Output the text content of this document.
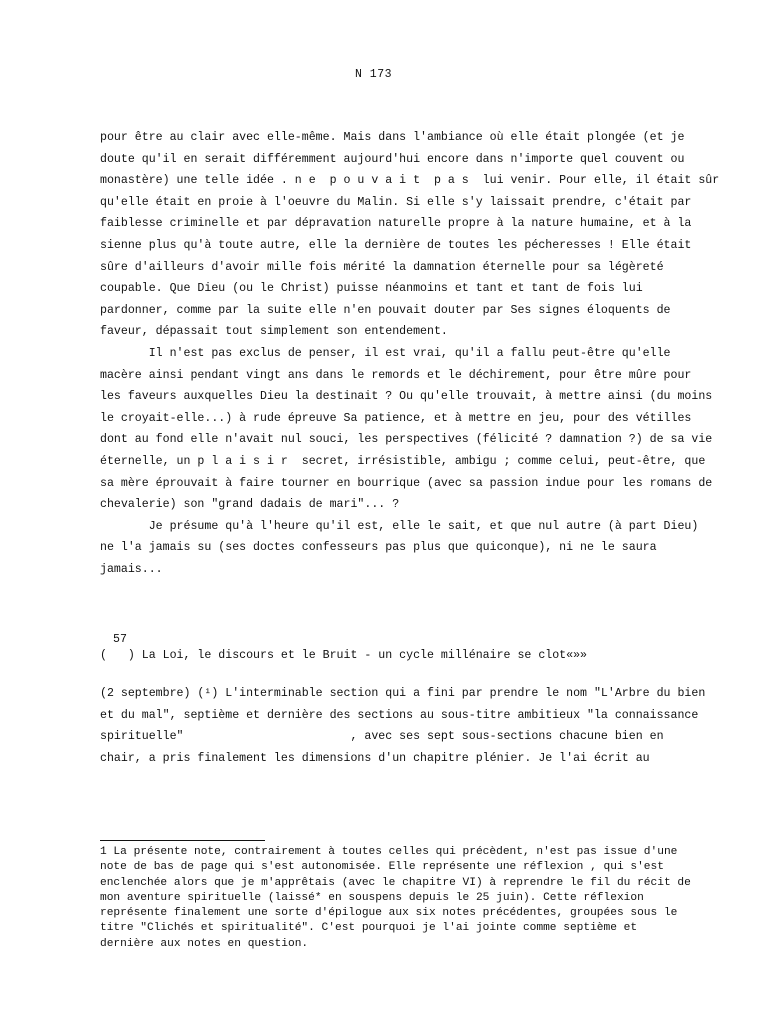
N 173
pour être au clair avec elle-même. Mais dans l'ambiance où elle était plongée (et je
doute qu'il en serait différemment aujourd'hui encore dans n'importe quel couvent ou
monastère) une telle idée . n e  p o u v a i t  p a s  lui venir. Pour elle, il était sûr
qu'elle était en proie à l'oeuvre du Malin. Si elle s'y laissait prendre, c'était par
faiblesse criminelle et par dépravation naturelle propre à la nature humaine, et à la
sienne plus qu'à toute autre, elle la dernière de toutes les pécheresses ! Elle était
sûre d'ailleurs d'avoir mille fois mérité la damnation éternelle pour sa légèreté
coupable. Que Dieu (ou le Christ) puisse néanmoins et tant et tant de fois lui
pardonner, comme par la suite elle n'en pouvait douter par Ses signes éloquents de
faveur, dépassait tout simplement son entendement.
Il n'est pas exclus de penser, il est vrai, qu'il a fallu peut-être qu'elle
macère ainsi pendant vingt ans dans le remords et le déchirement, pour être mûre pour
les faveurs auxquelles Dieu la destinait ? Ou qu'elle trouvait, à mettre ainsi (du moins
le croyait-elle...) à rude épreuve Sa patience, et à mettre en jeu, pour des vétilles
dont au fond elle n'avait nul souci, les perspectives (félicité ? damnation ?) de sa vie
éternelle, un p l a i s i r  secret, irrésistible, ambigu ; comme celui, peut-être, que
sa mère éprouvait à faire tourner en bourrique (avec sa passion indue pour les romans de
chevalerie) son "grand dadais de mari"... ?
Je présume qu'à l'heure qu'il est, elle le sait, et que nul autre (à part Dieu)
ne l'a jamais su (ses doctes confesseurs pas plus que quiconque), ni ne le saura
jamais...
57
(   ) La Loi, le discours et le Bruit - un cycle millénaire se clot«»»
(2 septembre) (¹) L'interminable section qui a fini par prendre le nom "L'Arbre du bien
et du mal", septième et dernière des sections au sous-titre ambitieux "la connaissance
spirituelle"                        , avec ses sept sous-sections chacune bien en
chair, a pris finalement les dimensions d'un chapitre plénier. Je l'ai écrit au
1 La présente note, contrairement à toutes celles qui précèdent, n'est pas issue d'une
note de bas de page qui s'est autonomisée. Elle représente une réflexion , qui s'est
enclenchée alors que je m'apprêtais (avec le chapitre VI) à reprendre le fil du récit de
mon aventure spirituelle (laissé* en souspens depuis le 25 juin). Cette réflexion
représente finalement une sorte d'épilogue aux six notes précédentes, groupées sous le
titre "Clichés et spiritualité". C'est pourquoi je l'ai jointe comme septième et
dernière aux notes en question.
